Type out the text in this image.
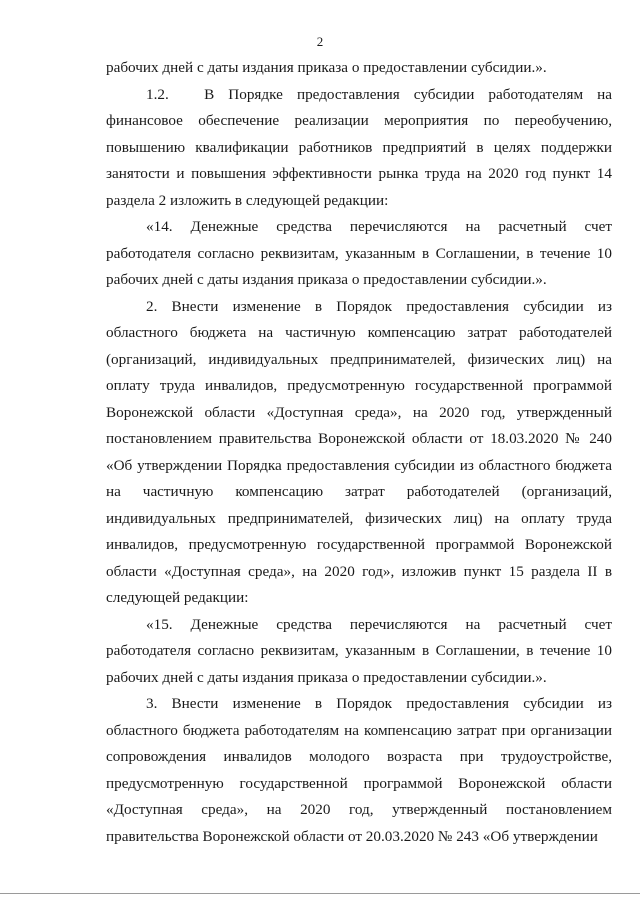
2

рабочих дней с даты издания приказа о предоставлении субсидии.».

1.2. В Порядке предоставления субсидии работодателям на финансовое обеспечение реализации мероприятия по переобучению, повышению квалификации работников предприятий в целях поддержки занятости и повышения эффективности рынка труда на 2020 год пункт 14 раздела 2 изложить в следующей редакции:

«14. Денежные средства перечисляются на расчетный счет работодателя согласно реквизитам, указанным в Соглашении, в течение 10 рабочих дней с даты издания приказа о предоставлении субсидии.».

2. Внести изменение в Порядок предоставления субсидии из областного бюджета на частичную компенсацию затрат работодателей (организаций, индивидуальных предпринимателей, физических лиц) на оплату труда инвалидов, предусмотренную государственной программой Воронежской области «Доступная среда», на 2020 год, утвержденный постановлением правительства Воронежской области от 18.03.2020 № 240 «Об утверждении Порядка предоставления субсидии из областного бюджета на частичную компенсацию затрат работодателей (организаций, индивидуальных предпринимателей, физических лиц) на оплату труда инвалидов, предусмотренную государственной программой Воронежской области «Доступная среда», на 2020 год», изложив пункт 15 раздела II в следующей редакции:

«15. Денежные средства перечисляются на расчетный счет работодателя согласно реквизитам, указанным в Соглашении, в течение 10 рабочих дней с даты издания приказа о предоставлении субсидии.».

3. Внести изменение в Порядок предоставления субсидии из областного бюджета работодателям на компенсацию затрат при организации сопровождения инвалидов молодого возраста при трудоустройстве, предусмотренную государственной программой Воронежской области «Доступная среда», на 2020 год, утвержденный постановлением правительства Воронежской области от 20.03.2020 № 243 «Об утверждении
